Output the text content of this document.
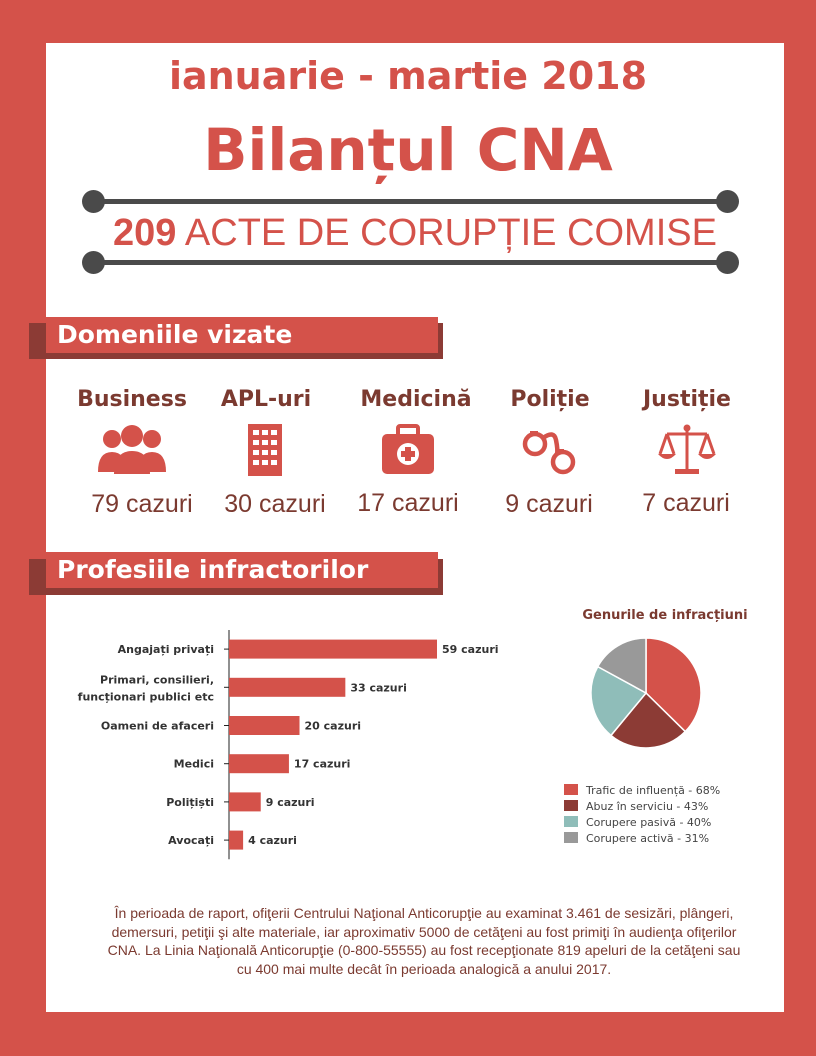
ianuarie - martie 2018
Bilanțul CNA
209 ACTE DE CORUPȚIE COMISE
Domeniile vizate
Business	APL-uri	Medicină	Poliție	Justiție
79 cazuri	30 cazuri	17 cazuri	9 cazuri	7 cazuri
Profesiile infractorilor
59 cazuri
Angajați privați
33 cazuri
Primari, consilieri,
funcționari publici etc
20 cazuri
Oameni de afaceri
17 cazuri
Medici
9 cazuri
Polițiști
4 cazuri
Avocați
Genurile de infracțiuni
Trafic de influență - 68%
Abuz în serviciu - 43%
Corupere pasivă - 40%
Corupere activă - 31%
În perioada de raport, ofiţerii Centrului Naţional Anticorupţie au examinat 3.461 de sesizări, plângeri, demersuri, petiţii şi alte materiale, iar aproximativ 5000 de cetăţeni au fost primiţi în audienţa ofiţerilor CNA. La Linia Naţională Anticorupţie (0-800-55555) au fost recepţionate 819 apeluri de la cetăţeni sau cu 400 mai multe decât în perioada analogică a anului 2017.
